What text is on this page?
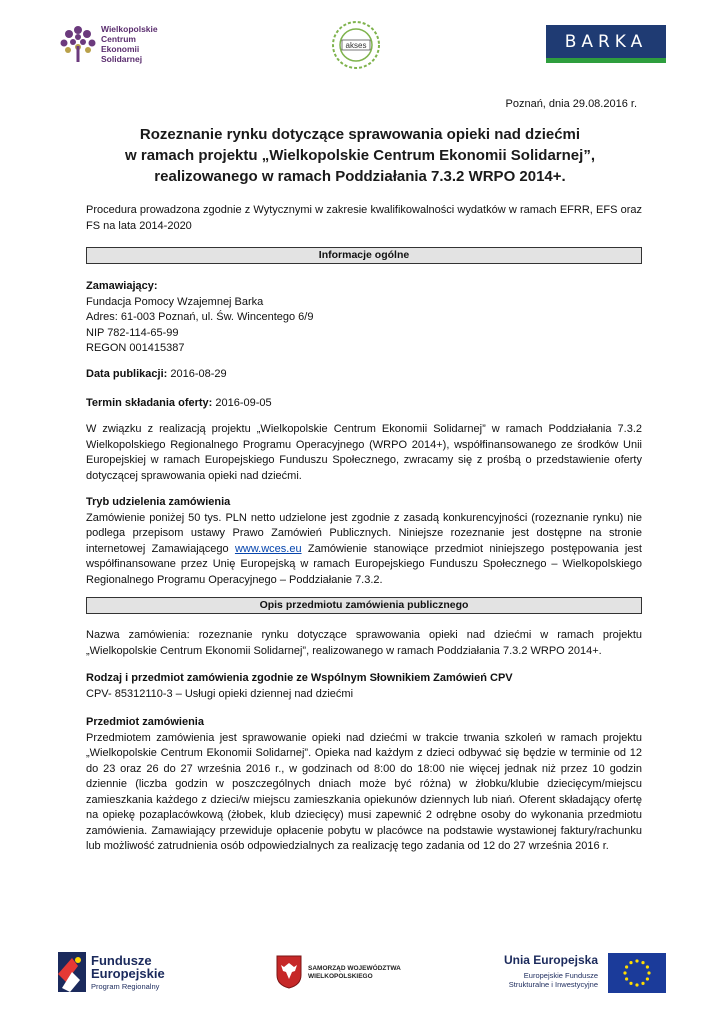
Wielkopolskie
Centrum
Ekonomii
Solidarnej
akses	BARKA
Poznań, dnia 29.08.2016 r.
Rozeznanie rynku dotyczące sprawowania opieki nad dziećmi
w ramach projektu „Wielkopolskie Centrum Ekonomii Solidarnej”,
realizowanego w ramach Poddziałania 7.3.2 WRPO 2014+.
Procedura prowadzona zgodnie z Wytycznymi w zakresie kwalifikowalności wydatków w ramach EFRR, EFS oraz FS na lata 2014-2020
Informacje ogólne
Zamawiający:
Fundacja Pomocy Wzajemnej Barka
Adres: 61-003 Poznań, ul. Św. Wincentego 6/9
NIP 782-114-65-99
REGON 001415387
Data publikacji: 2016-08-29
Termin składania oferty: 2016-09-05
W związku z realizacją projektu „Wielkopolskie Centrum Ekonomii Solidarnej” w ramach Poddziałania 7.3.2 Wielkopolskiego Regionalnego Programu Operacyjnego (WRPO 2014+), współfinansowanego ze środków Unii Europejskiej w ramach Europejskiego Funduszu Społecznego, zwracamy się z prośbą o przedstawienie oferty dotyczącej sprawowania opieki nad dziećmi.
Tryb udzielenia zamówienia
Zamówienie poniżej 50 tys. PLN netto udzielone jest zgodnie z zasadą konkurencyjności (rozeznanie rynku) nie podlega przepisom ustawy Prawo Zamówień Publicznych. Niniejsze rozeznanie jest dostępne na stronie internetowej Zamawiającego www.wces.eu Zamówienie stanowiące przedmiot niniejszego postępowania jest współfinansowane przez Unię Europejską w ramach Europejskiego Funduszu Społecznego – Wielkopolskiego Regionalnego Programu Operacyjnego – Poddziałanie 7.3.2.
Opis przedmiotu zamówienia publicznego
Nazwa zamówienia: rozeznanie rynku dotyczące sprawowania opieki nad dziećmi w ramach projektu „Wielkopolskie Centrum Ekonomii Solidarnej”, realizowanego w ramach Poddziałania 7.3.2 WRPO 2014+.
Rodzaj i przedmiot zamówienia zgodnie ze Wspólnym Słownikiem Zamówień CPV
CPV- 85312110-3 – Usługi opieki dziennej nad dziećmi
Przedmiot zamówienia
Przedmiotem zamówienia jest sprawowanie opieki nad dziećmi w trakcie trwania szkoleń w ramach projektu „Wielkopolskie Centrum Ekonomii Solidarnej”. Opieka nad każdym z dzieci odbywać się będzie w terminie od 12 do 23 oraz 26 do 27 września 2016 r., w godzinach od 8:00 do 18:00 nie więcej jednak niż przez 10 godzin dziennie (liczba godzin w poszczególnych dniach może być różna) w żłobku/klubie dziecięcym/miejscu zamieszkania każdego z dzieci/w miejscu zamieszkania opiekunów dziennych lub niań. Oferent składający ofertę na opiekę pozaplacówkową (żłobek, klub dziecięcy) musi zapewnić 2 odrębne osoby do wykonania przedmiotu zamówienia. Zamawiający przewiduje opłacenie pobytu w placówce na podstawie wystawionej faktury/rachunku lub możliwość zatrudnienia osób odpowiedzialnych za realizację tego zadania od 12 do 27 września 2016 r.
Fundusze
Europejskie
Program Regionalny
SAMORZĄD WOJEWÓDZTWA
WIELKOPOLSKIEGO
Unia Europejska
Europejskie Fundusze
Strukturalne i Inwestycyjne
